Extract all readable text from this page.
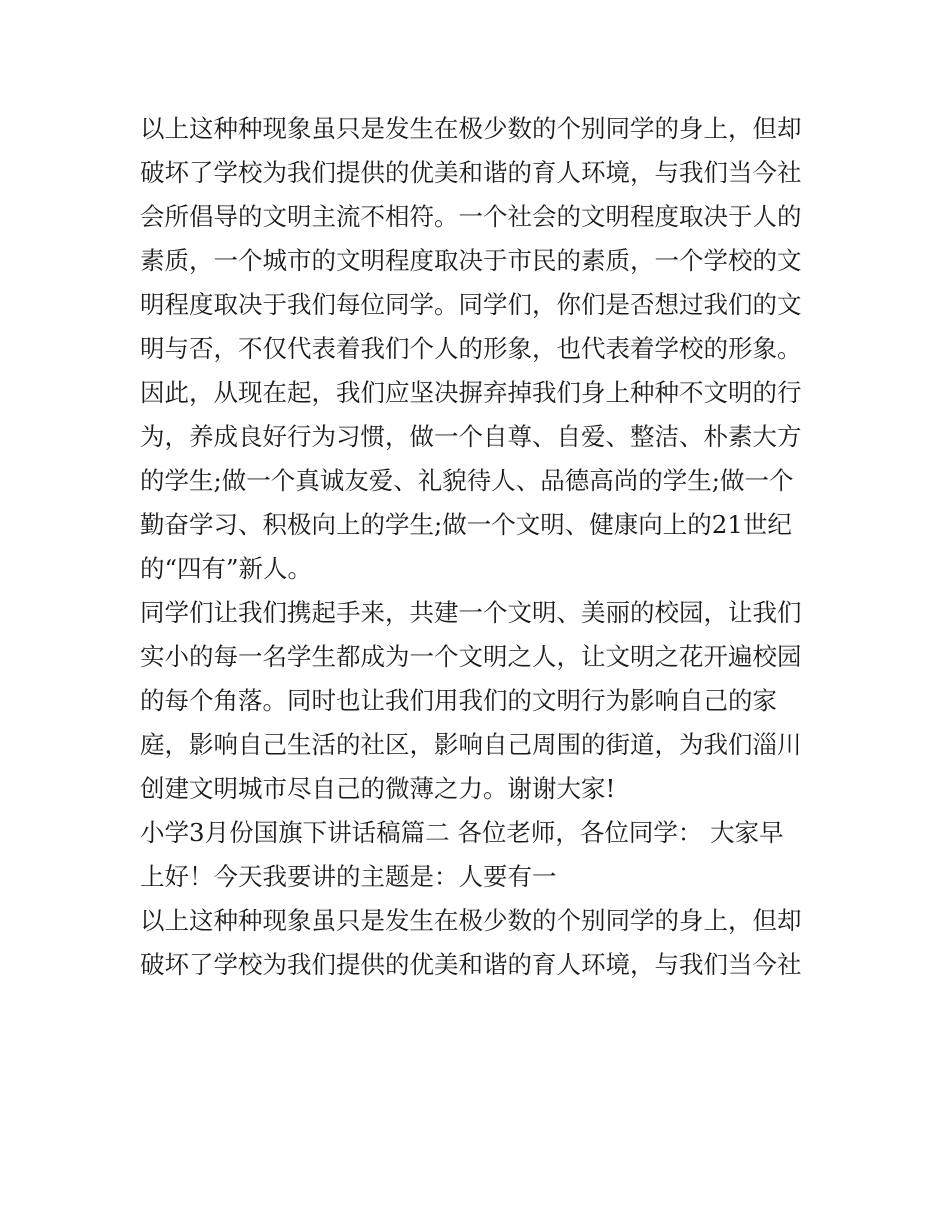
以上这种种现象虽只是发生在极少数的个别同学的身上，但却
破坏了学校为我们提供的优美和谐的育人环境，与我们当今社
会所倡导的文明主流不相符。一个社会的文明程度取决于人的
素质，一个城市的文明程度取决于市民的素质，一个学校的文
明程度取决于我们每位同学。同学们，你们是否想过我们的文
明与否，不仅代表着我们个人的形象，也代表着学校的形象。
因此，从现在起，我们应坚决摒弃掉我们身上种种不文明的行
为，养成良好行为习惯，做一个自尊、自爱、整洁、朴素大方
的学生;做一个真诚友爱、礼貌待人、品德高尚的学生;做一个
勤奋学习、积极向上的学生;做一个文明、健康向上的21世纪
的“四有”新人。

同学们让我们携起手来，共建一个文明、美丽的校园，让我们
实小的每一名学生都成为一个文明之人，让文明之花开遍校园
的每个角落。同时也让我们用我们的文明行为影响自己的家
庭，影响自己生活的社区，影响自己周围的街道，为我们淄川
创建文明城市尽自己的微薄之力。谢谢大家!

小学3月份国旗下讲话稿篇二 各位老师，各位同学： 大家早
上好！今天我要讲的主题是：人要有一

以上这种种现象虽只是发生在极少数的个别同学的身上，但却
破坏了学校为我们提供的优美和谐的育人环境，与我们当今社
